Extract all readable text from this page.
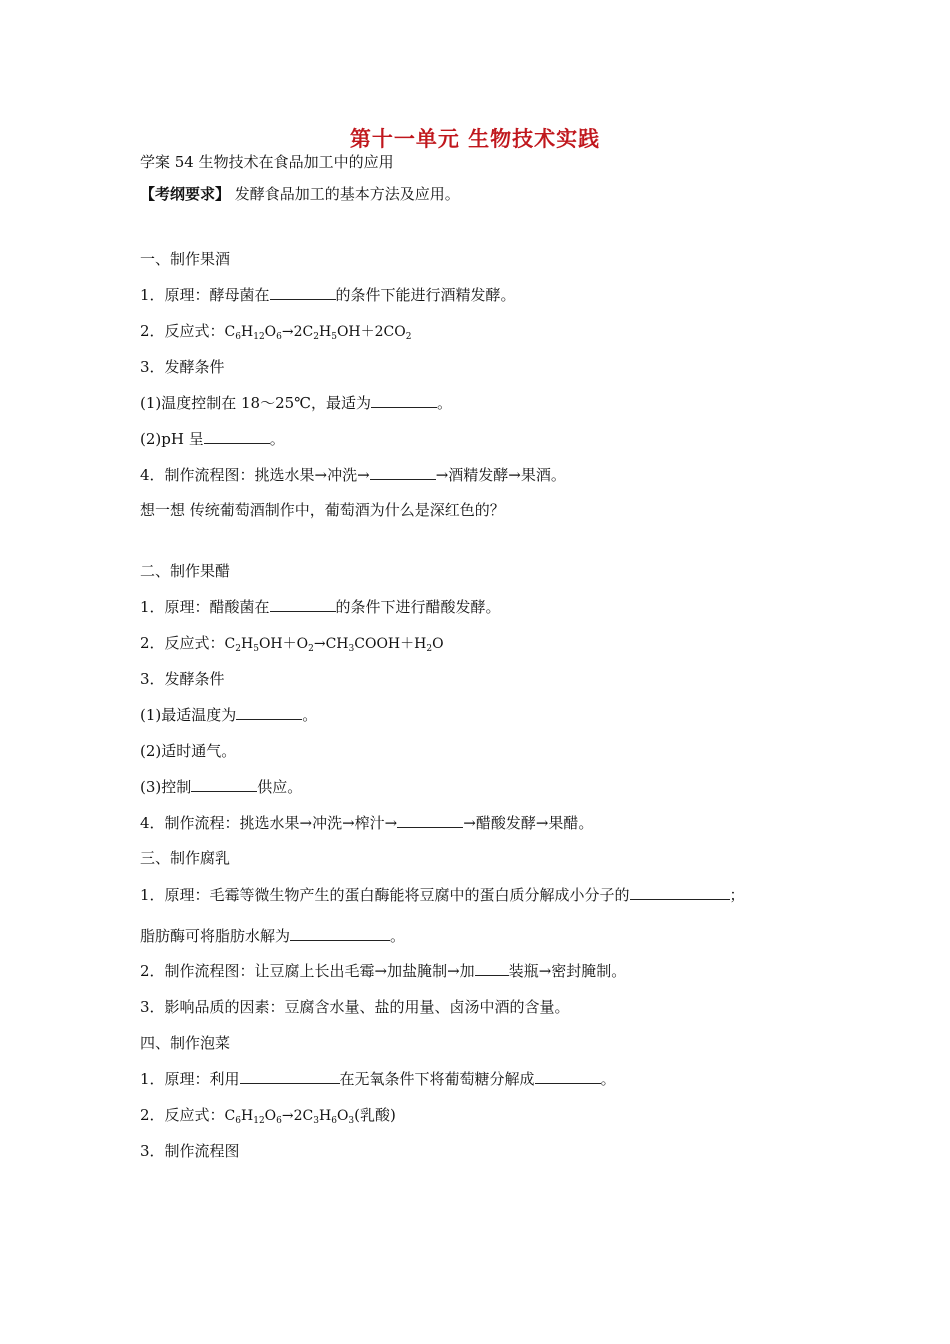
第十一单元 生物技术实践
学案 54 生物技术在食品加工中的应用
【考纲要求】 发酵食品加工的基本方法及应用。
一、制作果酒
1．原理：酵母菌在	的条件下能进行酒精发酵。
2．反应式：$C_6H_{12}O_6\to 2C_2H_5OH+2CO_2$
3．发酵条件
(1)温度控制在 18～25℃，最适为	。
(2)pH 呈	。
4．制作流程图：挑选水果→冲洗→	→酒精发酵→果酒。
想一想 传统葡萄酒制作中，葡萄酒为什么是深红色的？
二、制作果醋
1．原理：醋酸菌在	的条件下进行醋酸发酵。
2．反应式：$C_2H_5OH+O_2\to CH_3COOH+H_2O$
3．发酵条件
(1)最适温度为	。
(2)适时通气。
(3)控制	供应。
4．制作流程：挑选水果→冲洗→榨汁→	→醋酸发酵→果醋。
三、制作腐乳
1．原理：毛霉等微生物产生的蛋白酶能将豆腐中的蛋白质分解成小分子的	；
脂肪酶可将脂肪水解为	。
2．制作流程图：让豆腐上长出毛霉→加盐腌制→加 装瓶→密封腌制。
3．影响品质的因素：豆腐含水量、盐的用量、卤汤中酒的含量。
四、制作泡菜
1．原理：利用	在无氧条件下将葡萄糖分解成	。
2．反应式：$C_6H_{12}O_6\to 2C_3H_6O_3$(乳酸)
3．制作流程图
